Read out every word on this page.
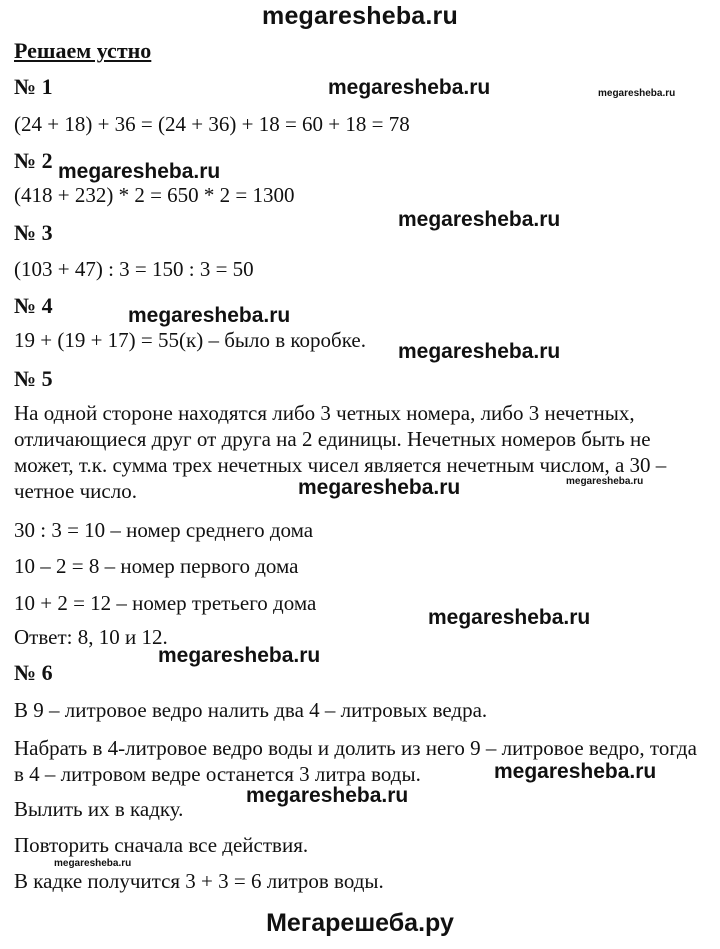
megaresheba.ru
Решаем устно
№ 1
(24 + 18) + 36 = (24 + 36) + 18 = 60 + 18 = 78
№ 2
(418 + 232) * 2 = 650 * 2 = 1300
№ 3
(103 + 47) : 3 = 150 : 3 = 50
№ 4
19 + (19 + 17) = 55(к) – было в коробке.
№ 5
На одной стороне находятся либо 3 четных номера, либо 3 нечетных, отличающиеся друг от друга на 2 единицы. Нечетных номеров быть не может, т.к. сумма трех нечетных чисел является нечетным числом, а 30 – четное число.
30 : 3 = 10 – номер среднего дома
10 – 2 = 8 – номер первого дома
10 + 2 = 12 – номер третьего дома
Ответ: 8, 10 и 12.
№ 6
В 9 – литровое ведро налить два 4 – литровых ведра.
Набрать в 4-литровое ведро воды и долить из него 9 – литровое ведро, тогда в 4 – литровом ведре останется 3 литра воды.
Вылить их в кадку.
Повторить сначала все действия.
В кадке получится 3 + 3 = 6 литров воды.
megaresheba.ru	megaresheba.ru
megaresheba.ru
megaresheba.ru
megaresheba.ru
megaresheba.ru
megaresheba.ru	megaresheba.ru
megaresheba.ru
megaresheba.ru
megaresheba.ru
megaresheba.ru
megaresheba.ru
Мегарешеба.ру
